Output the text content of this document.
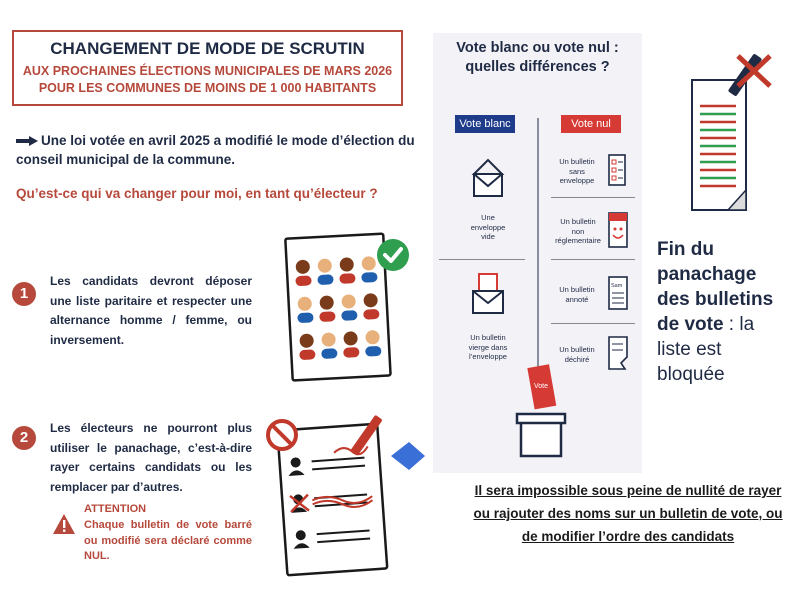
CHANGEMENT DE MODE DE SCRUTIN
AUX PROCHAINES ÉLECTIONS MUNICIPALES DE MARS 2026
POUR LES COMMUNES DE MOINS DE 1 000 HABITANTS
Une loi votée en avril 2025 a modifié le mode d’élection du conseil municipal de la commune.
Qu’est-ce qui va changer pour moi, en tant qu’électeur ?
1
Les candidats devront déposer une liste paritaire et respecter une alternance homme / femme, ou inversement.
2
Les électeurs ne pourront plus utiliser le panachage, c’est-à-dire rayer certains candidats ou les remplacer par d’autres.
ATTENTION
Chaque bulletin de vote barré ou modifié sera déclaré comme NUL.
Vote blanc ou vote nul :
quelles différences ?
Vote blanc	Vote nul
Une
enveloppe
vide
Un bulletin
vierge dans
l’enveloppe
Un bulletin
sans
enveloppe
Un bulletin
non
réglementaire
Un bulletin
annoté
Sam
Un bulletin
déchiré
Vote
Fin du panachage des bulletins de vote : la liste est bloquée
Il sera impossible sous peine de nullité de rayer ou rajouter des noms sur un bulletin de vote, ou de modifier l’ordre des candidats
